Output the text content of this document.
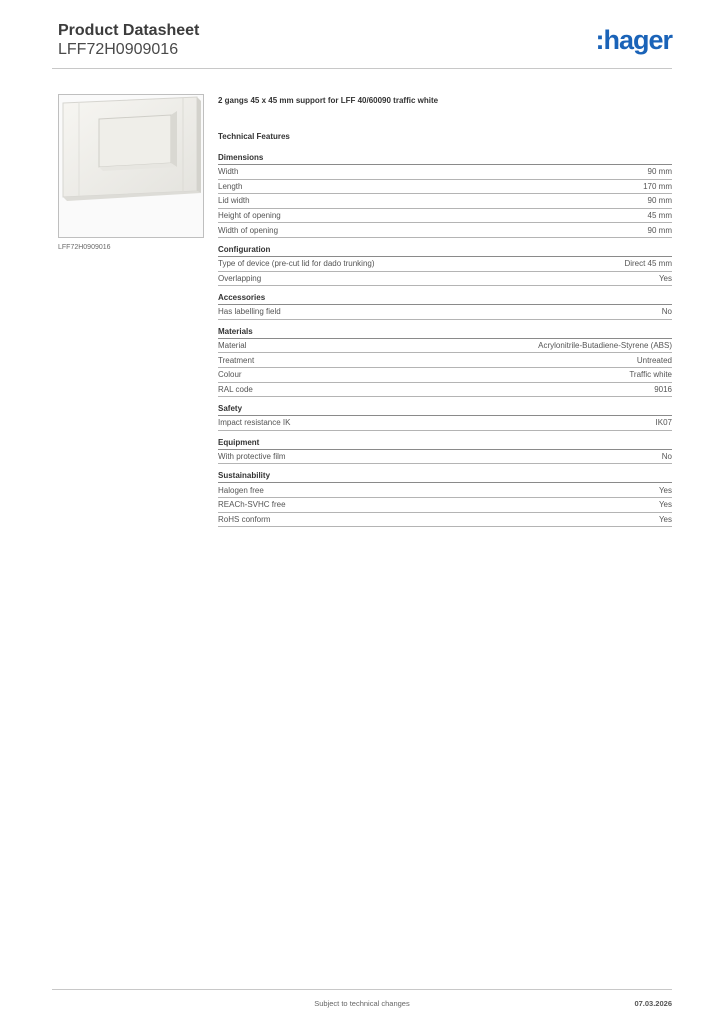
Product Datasheet
LFF72H0909016	:hager
LFF72H0909016
2 gangs 45 x 45 mm support for LFF 40/60090 traffic white
Technical Features
Dimensions
Width	90 mm
Length	170 mm
Lid width	90 mm
Height of opening	45 mm
Width of opening	90 mm
Configuration
Type of device (pre-cut lid for dado trunking)	Direct 45 mm
Overlapping	Yes
Accessories
Has labelling field	No
Materials
Material	Acrylonitrile-Butadiene-Styrene (ABS)
Treatment	Untreated
Colour	Traffic white
RAL code	9016
Safety
Impact resistance IK	IK07
Equipment
With protective film	No
Sustainability
Halogen free	Yes
REACh-SVHC free	Yes
RoHS conform	Yes
Subject to technical changes	07.03.2026
